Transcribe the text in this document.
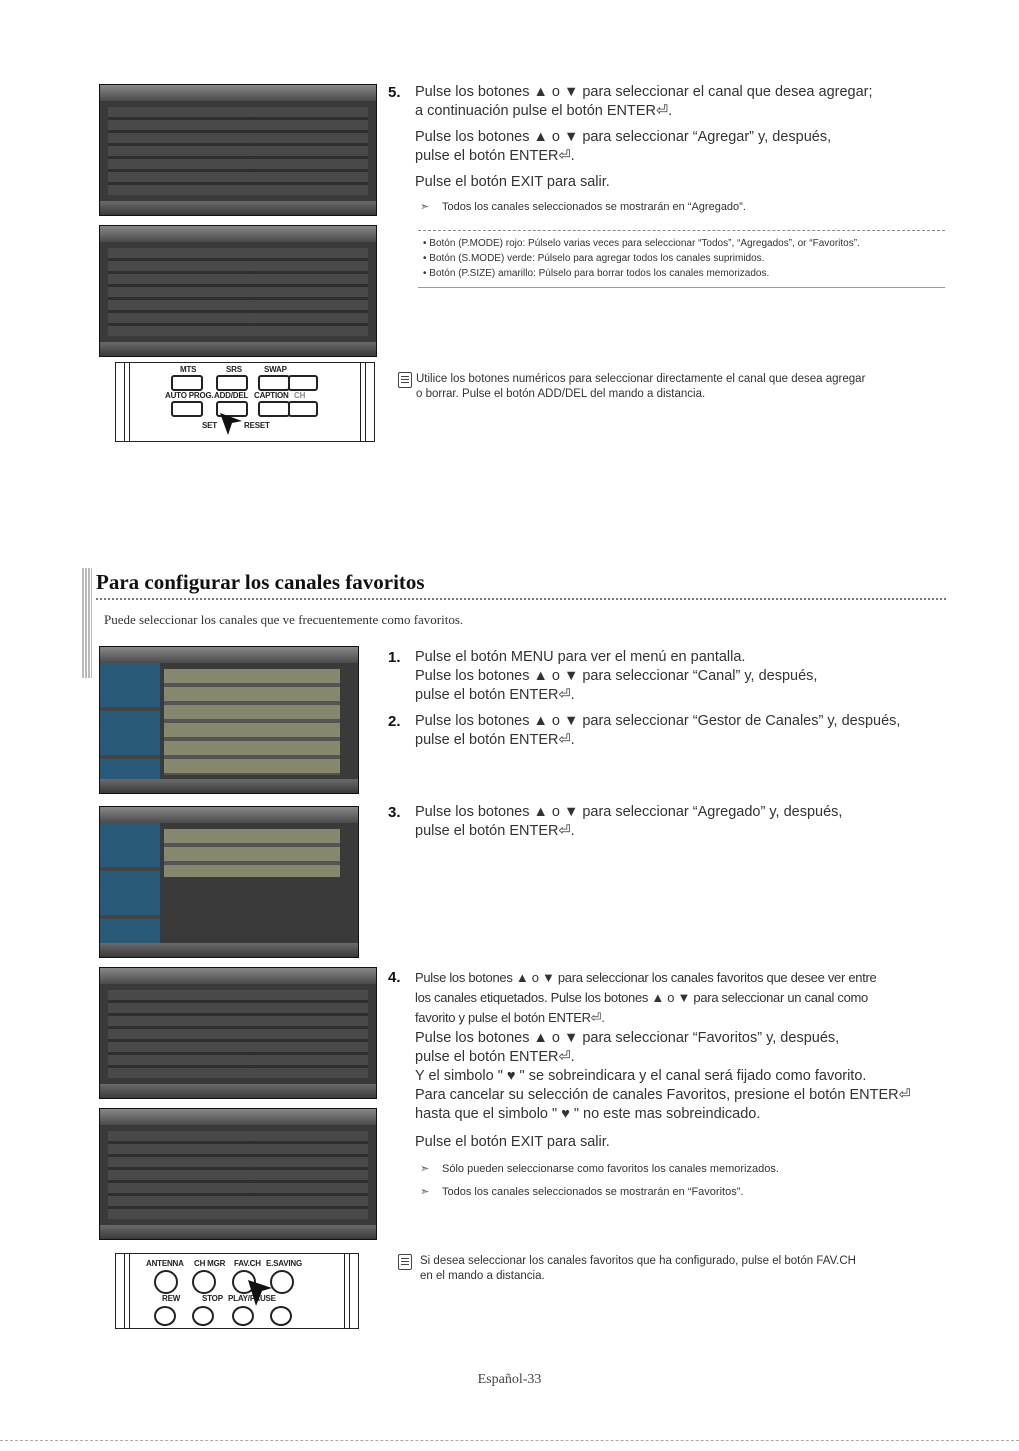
MTS	SRS	SWAP
AUTO PROG. ADD/DEL CAPTION CH
SET	RESET
5. Pulse los botones ▲ o ▼ para seleccionar el canal que desea agregar;
a continuación pulse el botón ENTER⏎.
Pulse los botones ▲ o ▼ para seleccionar “Agregar” y, después,
pulse el botón ENTER⏎.
Pulse el botón EXIT para salir.
➣ Todos los canales seleccionados se mostrarán en “Agregado”.
• Botón (P.MODE) rojo: Púlselo varias veces para seleccionar “Todos”, “Agregados”, or “Favoritos”.
• Botón (S.MODE) verde: Púlselo para agregar todos los canales suprimidos.
• Botón (P.SIZE) amarillo: Púlselo para borrar todos los canales memorizados.
Utilice los botones numéricos para seleccionar directamente el canal que desea agregar
o borrar. Pulse el botón ADD/DEL del mando a distancia.
Para configurar los canales favoritos
Puede seleccionar los canales que ve frecuentemente como favoritos.
ANTENNA CH MGR FAV.CH E.SAVING
REW	STOP PLAY/PAUSE
1. Pulse el botón MENU para ver el menú en pantalla.
Pulse los botones ▲ o ▼ para seleccionar “Canal” y, después,
pulse el botón ENTER⏎.
2. Pulse los botones ▲ o ▼ para seleccionar “Gestor de Canales” y, después,
pulse el botón ENTER⏎.
3. Pulse los botones ▲ o ▼ para seleccionar “Agregado” y, después,
pulse el botón ENTER⏎.
4. Pulse los botones ▲ o ▼ para seleccionar los canales favoritos que desee ver entre
los canales etiquetados. Pulse los botones ▲ o ▼ para seleccionar un canal como
favorito y pulse el botón ENTER⏎.
Pulse los botones ▲ o ▼ para seleccionar “Favoritos” y, después,
pulse el botón ENTER⏎.
Y el simbolo " ♥ " se sobreindicara y el canal será fijado como favorito.
Para cancelar su selección de canales Favoritos, presione el botón ENTER⏎
hasta que el simbolo " ♥ " no este mas sobreindicado.
Pulse el botón EXIT para salir.
➣ Sólo pueden seleccionarse como favoritos los canales memorizados.
➣ Todos los canales seleccionados se mostrarán en “Favoritos”.
Si desea seleccionar los canales favoritos que ha configurado, pulse el botón FAV.CH
en el mando a distancia.
Español-33
